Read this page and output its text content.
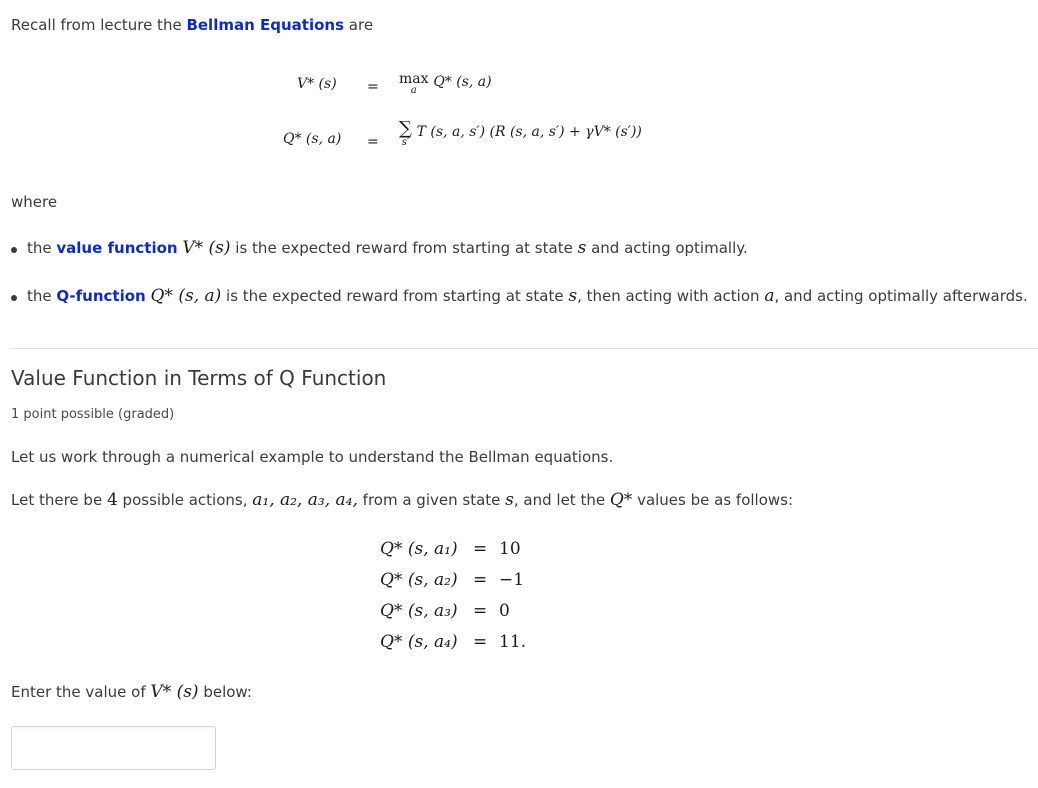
Recall from lecture the Bellman Equations are
V* (s) = max
a
Q* (s, a)
Q* (s, a) =
∑
s′
T (s, a, s′) (R (s, a, s′) + γV* (s′))
where
the value function V* (s) is the expected reward from starting at state s and acting optimally.
the Q-function Q* (s, a) is the expected reward from starting at state s, then acting with action a, and acting optimally afterwards.
Value Function in Terms of Q Function
1 point possible (graded)
Let us work through a numerical example to understand the Bellman equations.
Let there be 4 possible actions, a₁, a₂, a₃, a₄, from a given state s, and let the Q* values be as follows:
Q* (s, a₁) = 10
Q* (s, a₂) = −1
Q* (s, a₃) = 0
Q* (s, a₄) = 11.
Enter the value of V* (s) below:
